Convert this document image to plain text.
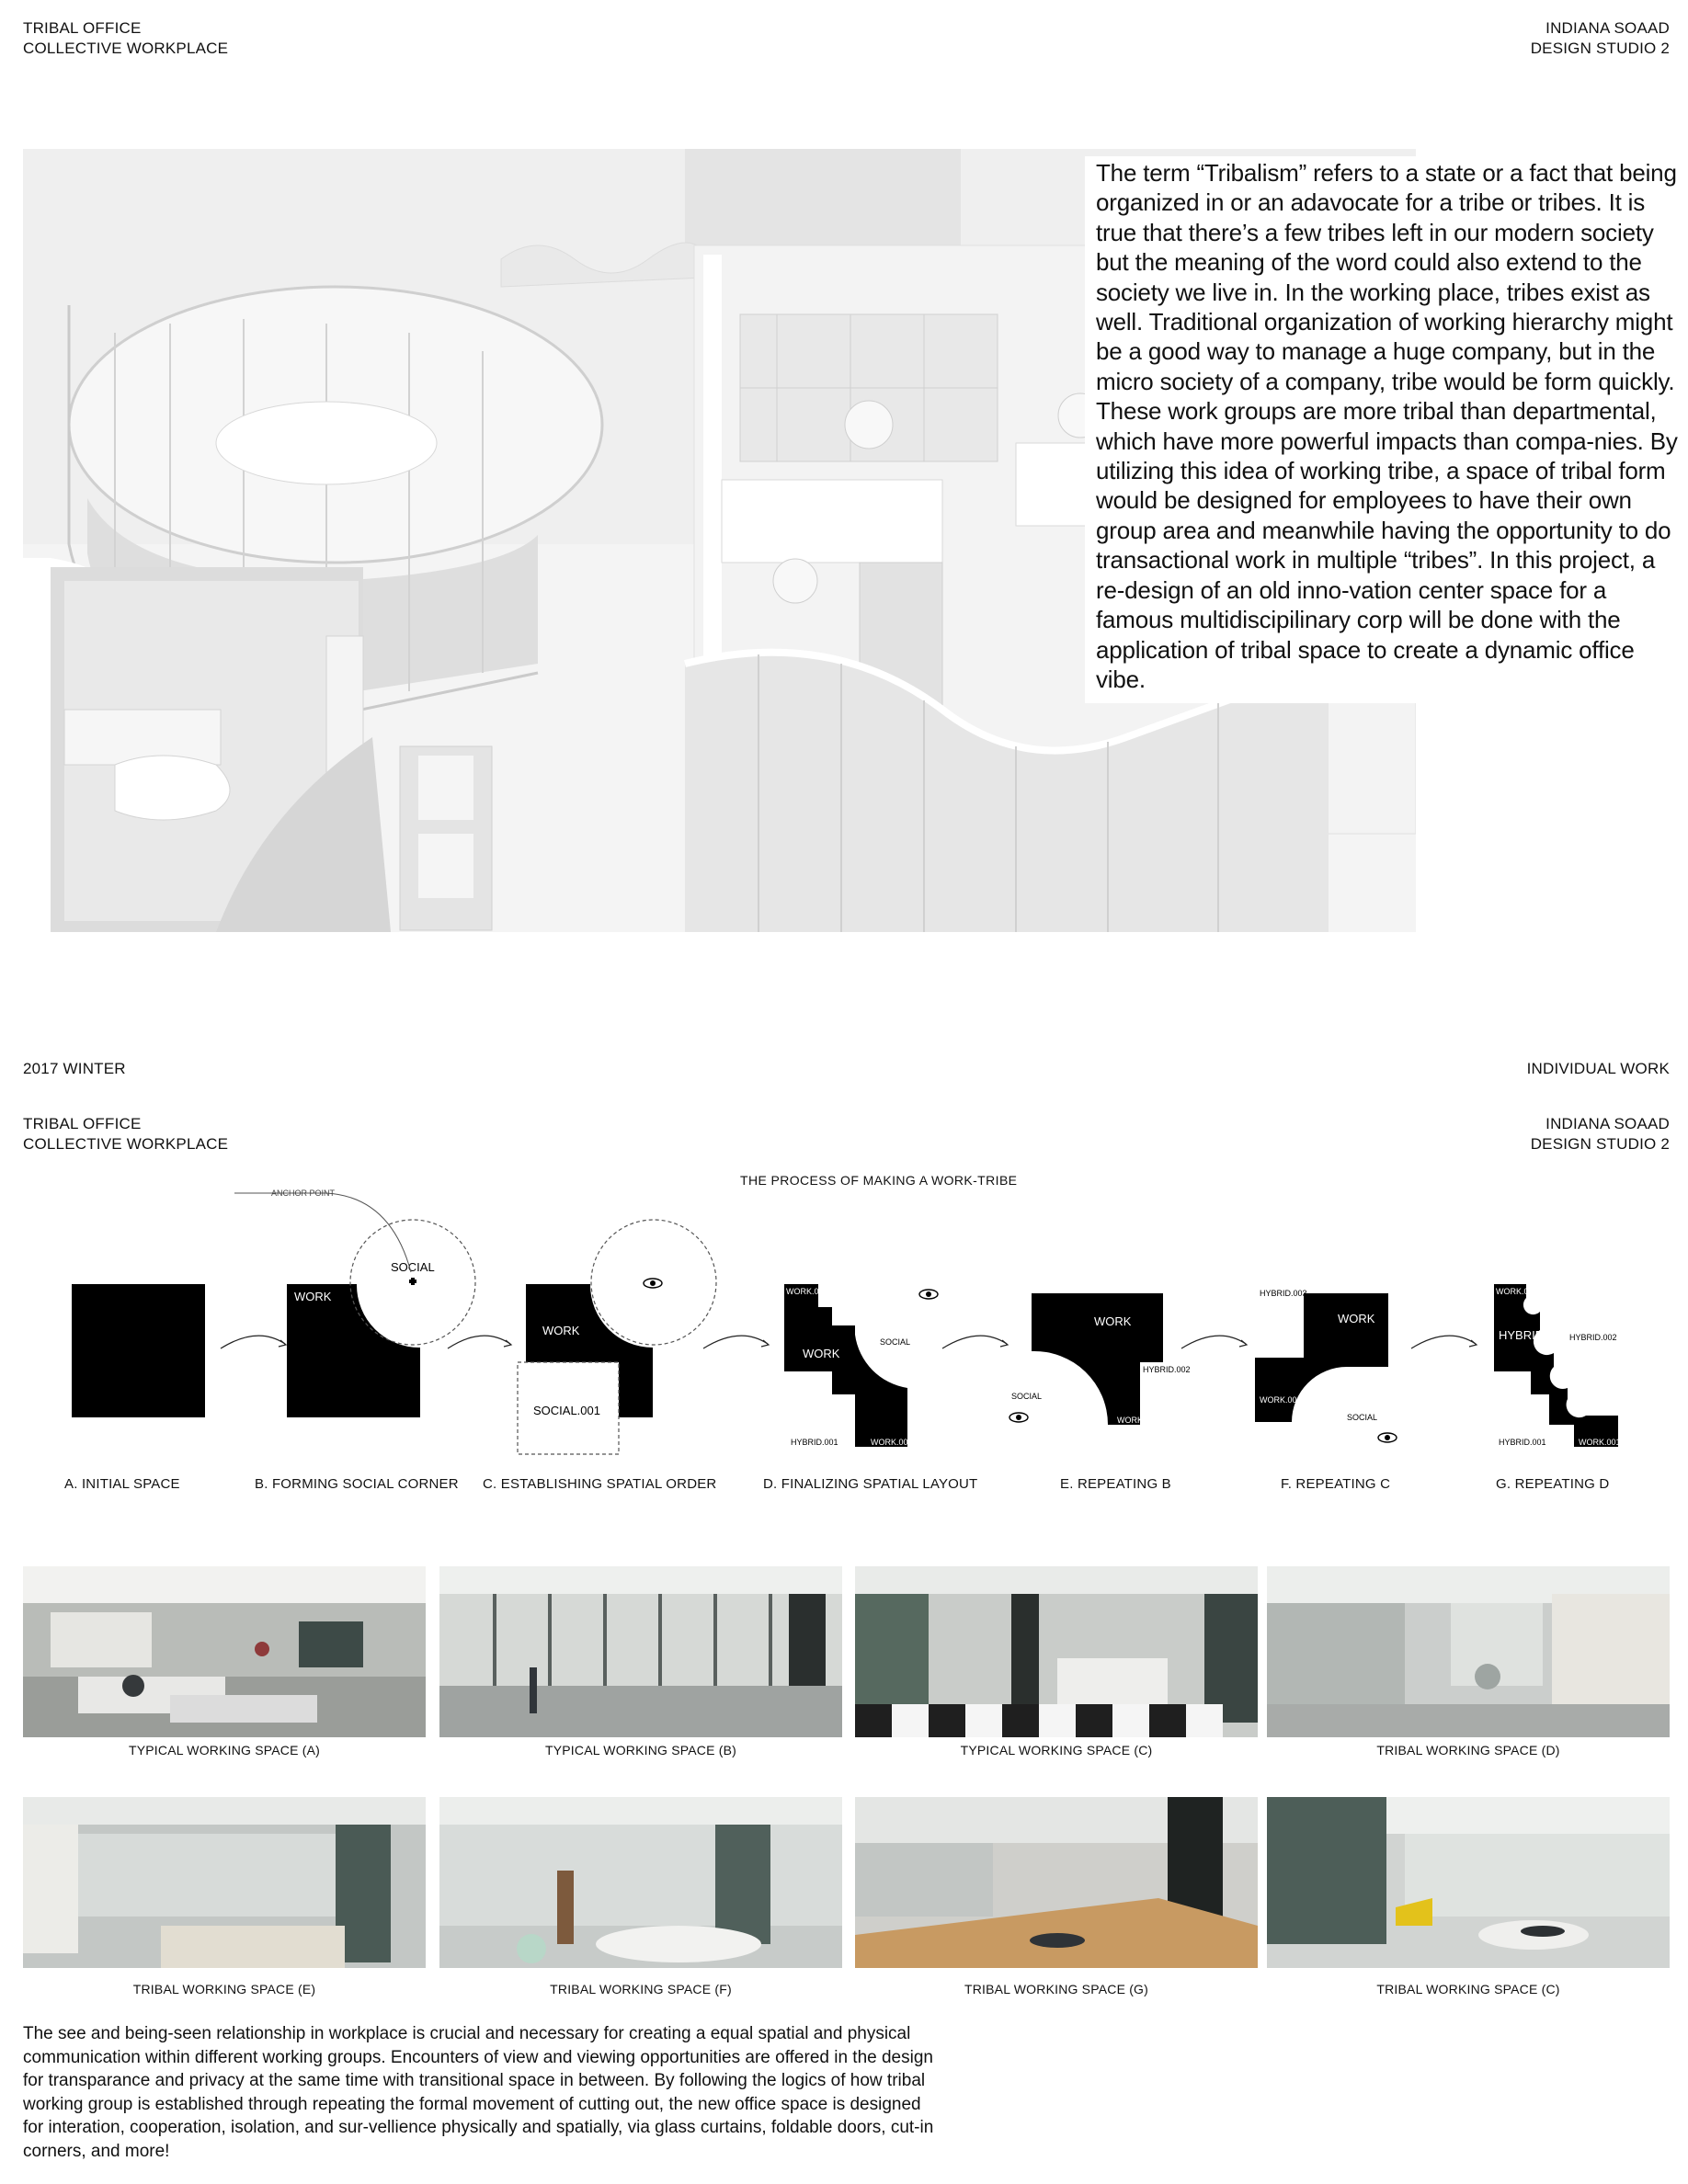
TRIBAL OFFICE
COLLECTIVE WORKPLACE
INDIANA SOAAD
DESIGN STUDIO 2
The term “Tribalism” refers to a state or a fact that being organized in or an adavocate for a tribe or tribes. It is true that there’s a few tribes left in our modern society but the meaning of the word could also extend to the society we live in. In the working place, tribes exist as well. Traditional organization of working hierarchy might be a good way to manage a huge company, but in the micro society of a company, tribe would be form quickly. These work groups are more tribal than departmental, which have more powerful impacts than compa-nies. By utilizing this idea of working tribe, a space of tribal form would be designed for employees to have their own group area and meanwhile having the opportunity to do transactional work in multiple “tribes”. In this project, a re-design of an old inno-vation center space for a famous multidiscipilinary corp will be done with the application of tribal space to create a dynamic office vibe.
2017 WINTER	INDIVIDUAL WORK
TRIBAL OFFICE
COLLECTIVE WORKPLACE
INDIANA SOAAD
DESIGN STUDIO 2
THE PROCESS OF MAKING A WORK-TRIBE
WORK
SOCIAL
ANCHOR POINT
WORK
SOCIAL.001
WORK.002
WORK
SOCIAL
HYBRID.001	WORK.001
WORK
HYBRID.002
WORK.001
SOCIAL
HYBRID.003
WORK
WORK.004
SOCIAL
WORK.002
HYBRID	HYBRID.002
HYBRID.001	WORK.001
A. INITIAL SPACE	B. FORMING SOCIAL CORNER C. ESTABLISHING SPATIAL ORDER	D. FINALIZING SPATIAL LAYOUT	E. REPEATING B	F. REPEATING C	G. REPEATING D
TYPICAL WORKING SPACE (A)	TYPICAL WORKING SPACE (B)	TYPICAL WORKING SPACE (C)	TRIBAL WORKING SPACE (D)
TRIBAL WORKING SPACE (E)	TRIBAL WORKING SPACE (F)	TRIBAL WORKING SPACE (G)	TRIBAL WORKING SPACE (C)
The see and being-seen relationship in workplace is crucial and necessary for creating a equal spatial and physical communication within different working groups. Encounters of view and viewing opportunities are offered in the design for transparance and privacy at the same time with transitional space in between. By following the logics of how tribal working group is established through repeating the formal movement of cutting out, the new office space is designed for interation, cooperation, isolation, and sur-vellience physically and spatially, via glass curtains, foldable doors, cut-in corners, and more!
